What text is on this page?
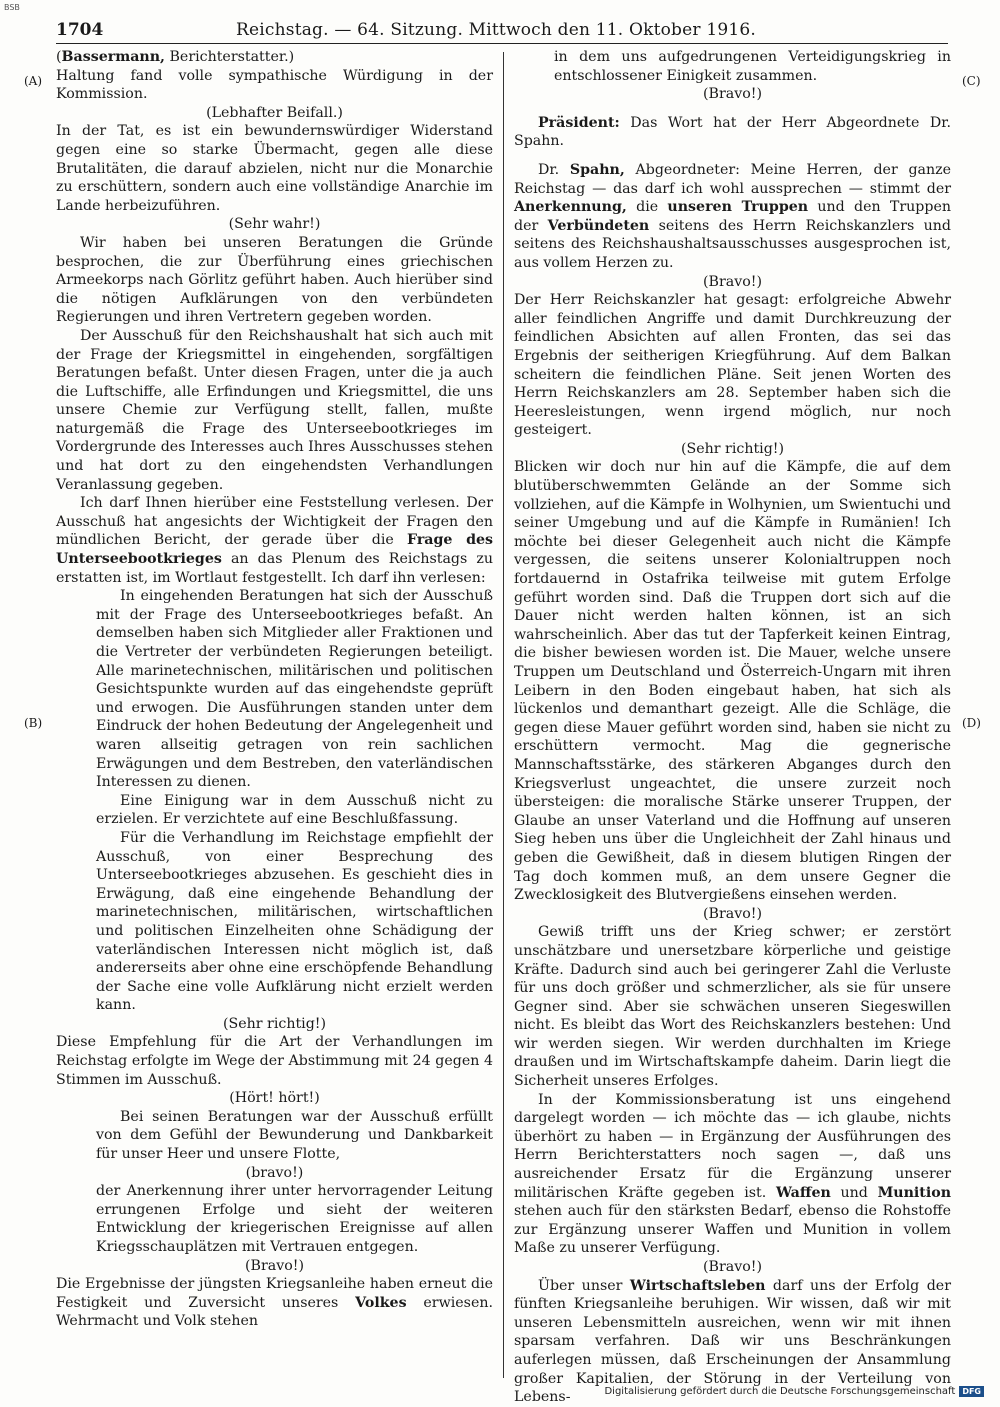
BSB
1704	Reichstag. — 64. Sitzung. Mittwoch den 11. Oktober 1916.
(A)
(B)
(C)
(D)

(Bassermann, Berichterstatter.)

Haltung fand volle sympathische Würdigung in der Kommission.

(Lebhafter Beifall.)

In der Tat, es ist ein bewundernswürdiger Widerstand gegen eine so starke Übermacht, gegen alle diese Brutalitäten, die darauf abzielen, nicht nur die Monarchie zu erschüttern, sondern auch eine vollständige Anarchie im Lande herbeizuführen.

(Sehr wahr!)

Wir haben bei unseren Beratungen die Gründe besprochen, die zur Überführung eines griechischen Armeekorps nach Görlitz geführt haben. Auch hierüber sind die nötigen Aufklärungen von den verbündeten Regierungen und ihren Vertretern gegeben worden.

Der Ausschuß für den Reichshaushalt hat sich auch mit der Frage der Kriegsmittel in eingehenden, sorgfältigen Beratungen befaßt. Unter diesen Fragen, unter die ja auch die Luftschiffe, alle Erfindungen und Kriegsmittel, die uns unsere Chemie zur Verfügung stellt, fallen, mußte naturgemäß die Frage des Unterseebootkrieges im Vordergrunde des Interesses auch Ihres Ausschusses stehen und hat dort zu den eingehendsten Verhandlungen Veranlassung gegeben.

Ich darf Ihnen hierüber eine Feststellung verlesen. Der Ausschuß hat angesichts der Wichtigkeit der Fragen den mündlichen Bericht, der gerade über die Frage des Unterseebootkrieges an das Plenum des Reichstags zu erstatten ist, im Wortlaut festgestellt. Ich darf ihn verlesen:

In eingehenden Beratungen hat sich der Ausschuß mit der Frage des Unterseebootkrieges befaßt. An demselben haben sich Mitglieder aller Fraktionen und die Vertreter der verbündeten Regierungen beteiligt. Alle marinetechnischen, militärischen und politischen Gesichtspunkte wurden auf das eingehendste geprüft und erwogen. Die Ausführungen standen unter dem Eindruck der hohen Bedeutung der Angelegenheit und waren allseitig getragen von rein sachlichen Erwägungen und dem Bestreben, den vaterländischen Interessen zu dienen.

Eine Einigung war in dem Ausschuß nicht zu erzielen. Er verzichtete auf eine Beschlußfassung.

Für die Verhandlung im Reichstage empfiehlt der Ausschuß, von einer Besprechung des Unterseebootkrieges abzusehen. Es geschieht dies in Erwägung, daß eine eingehende Behandlung der marinetechnischen, militärischen, wirtschaftlichen und politischen Einzelheiten ohne Schädigung der vaterländischen Interessen nicht möglich ist, daß andererseits aber ohne eine erschöpfende Behandlung der Sache eine volle Aufklärung nicht erzielt werden kann.

(Sehr richtig!)

Diese Empfehlung für die Art der Verhandlungen im Reichstag erfolgte im Wege der Abstimmung mit 24 gegen 4 Stimmen im Ausschuß.

(Hört! hört!)

Bei seinen Beratungen war der Ausschuß erfüllt von dem Gefühl der Bewunderung und Dankbarkeit für unser Heer und unsere Flotte,

(bravo!)

der Anerkennung ihrer unter hervorragender Leitung errungenen Erfolge und sieht der weiteren Entwicklung der kriegerischen Ereignisse auf allen Kriegsschauplätzen mit Vertrauen entgegen.

(Bravo!)

Die Ergebnisse der jüngsten Kriegsanleihe haben erneut die Festigkeit und Zuversicht unseres Volkes erwiesen. Wehrmacht und Volk stehen

in dem uns aufgedrungenen Verteidigungskrieg in entschlossener Einigkeit zusammen.

(Bravo!)

Präsident: Das Wort hat der Herr Abgeordnete Dr. Spahn.

Dr. Spahn, Abgeordneter: Meine Herren, der ganze Reichstag — das darf ich wohl aussprechen — stimmt der Anerkennung, die unseren Truppen und den Truppen der Verbündeten seitens des Herrn Reichskanzlers und seitens des Reichshaushaltsausschusses ausgesprochen ist, aus vollem Herzen zu.

(Bravo!)

Der Herr Reichskanzler hat gesagt: erfolgreiche Abwehr aller feindlichen Angriffe und damit Durchkreuzung der feindlichen Absichten auf allen Fronten, das sei das Ergebnis der seitherigen Kriegführung. Auf dem Balkan scheitern die feindlichen Pläne. Seit jenen Worten des Herrn Reichskanzlers am 28. September haben sich die Heeresleistungen, wenn irgend möglich, nur noch gesteigert.

(Sehr richtig!)

Blicken wir doch nur hin auf die Kämpfe, die auf dem blutüberschwemmten Gelände an der Somme sich vollziehen, auf die Kämpfe in Wolhynien, um Swientuchi und seiner Umgebung und auf die Kämpfe in Rumänien! Ich möchte bei dieser Gelegenheit auch nicht die Kämpfe vergessen, die seitens unserer Kolonialtruppen noch fortdauernd in Ostafrika teilweise mit gutem Erfolge geführt worden sind. Daß die Truppen dort sich auf die Dauer nicht werden halten können, ist an sich wahrscheinlich. Aber das tut der Tapferkeit keinen Eintrag, die bisher bewiesen worden ist. Die Mauer, welche unsere Truppen um Deutschland und Österreich-Ungarn mit ihren Leibern in den Boden eingebaut haben, hat sich als lückenlos und demanthart gezeigt. Alle die Schläge, die gegen diese Mauer geführt worden sind, haben sie nicht zu erschüttern vermocht. Mag die gegnerische Mannschaftsstärke, des stärkeren Abganges durch den Kriegsverlust ungeachtet, die unsere zurzeit noch übersteigen: die moralische Stärke unserer Truppen, der Glaube an unser Vaterland und die Hoffnung auf unseren Sieg heben uns über die Ungleichheit der Zahl hinaus und geben die Gewißheit, daß in diesem blutigen Ringen der Tag doch kommen muß, an dem unsere Gegner die Zwecklosigkeit des Blutvergießens einsehen werden.

(Bravo!)

Gewiß trifft uns der Krieg schwer; er zerstört unschätzbare und unersetzbare körperliche und geistige Kräfte. Dadurch sind auch bei geringerer Zahl die Verluste für uns doch größer und schmerzlicher, als sie für unsere Gegner sind. Aber sie schwächen unseren Siegeswillen nicht. Es bleibt das Wort des Reichskanzlers bestehen: Und wir werden siegen. Wir werden durchhalten im Kriege draußen und im Wirtschaftskampfe daheim. Darin liegt die Sicherheit unseres Erfolges.

In der Kommissionsberatung ist uns eingehend dargelegt worden — ich möchte das — ich glaube, nichts überhört zu haben — in Ergänzung der Ausführungen des Herrn Berichterstatters noch sagen —, daß uns ausreichender Ersatz für die Ergänzung unserer militärischen Kräfte gegeben ist. Waffen und Munition stehen auch für den stärksten Bedarf, ebenso die Rohstoffe zur Ergänzung unserer Waffen und Munition in vollem Maße zu unserer Verfügung.

(Bravo!)

Über unser Wirtschaftsleben darf uns der Erfolg der fünften Kriegsanleihe beruhigen. Wir wissen, daß wir mit unseren Lebensmitteln ausreichen, wenn wir mit ihnen sparsam verfahren. Daß wir uns Beschränkungen auferlegen müssen, daß Erscheinungen der Ansammlung großer Kapitalien, der Störung in der Verteilung von Lebens-	Digitalisierung gefördert durch die Deutsche Forschungsgemeinschaft DFG
